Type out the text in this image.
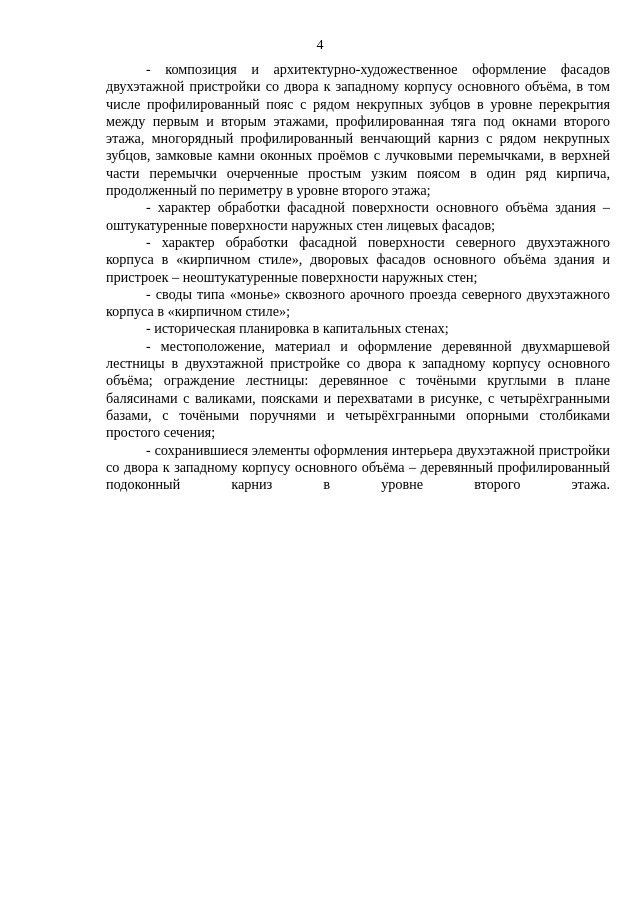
4

- композиция и архитектурно-художественное оформление фасадов двухэтажной пристройки со двора к западному корпусу основного объёма, в том числе профилированный пояс с рядом некрупных зубцов в уровне перекрытия между первым и вторым этажами, профилированная тяга под окнами второго этажа, многорядный профилированный венчающий карниз с рядом некрупных зубцов, замковые камни оконных проёмов с лучковыми перемычками, в верхней части перемычки очерченные простым узким поясом в один ряд кирпича, продолженный по периметру в уровне второго этажа;

- характер обработки фасадной поверхности основного объёма здания – оштукатуренные поверхности наружных стен лицевых фасадов;

- характер обработки фасадной поверхности северного двухэтажного корпуса в «кирпичном стиле», дворовых фасадов основного объёма здания и пристроек – неоштукатуренные поверхности наружных стен;

- своды типа «монье» сквозного арочного проезда северного двухэтажного корпуса в «кирпичном стиле»;

- историческая планировка в капитальных стенах;

- местоположение, материал и оформление деревянной двухмаршевой лестницы в двухэтажной пристройке со двора к западному корпусу основного объёма; ограждение лестницы: деревянное с точёными круглыми в плане балясинами с валиками, поясками и перехватами в рисунке, с четырёхгранными базами, с точёными поручнями и четырёхгранными опорными столбиками простого сечения;

- сохранившиеся элементы оформления интерьера двухэтажной пристройки со двора к западному корпусу основного объёма – деревянный профилированный подоконный карниз в уровне второго этажа.
